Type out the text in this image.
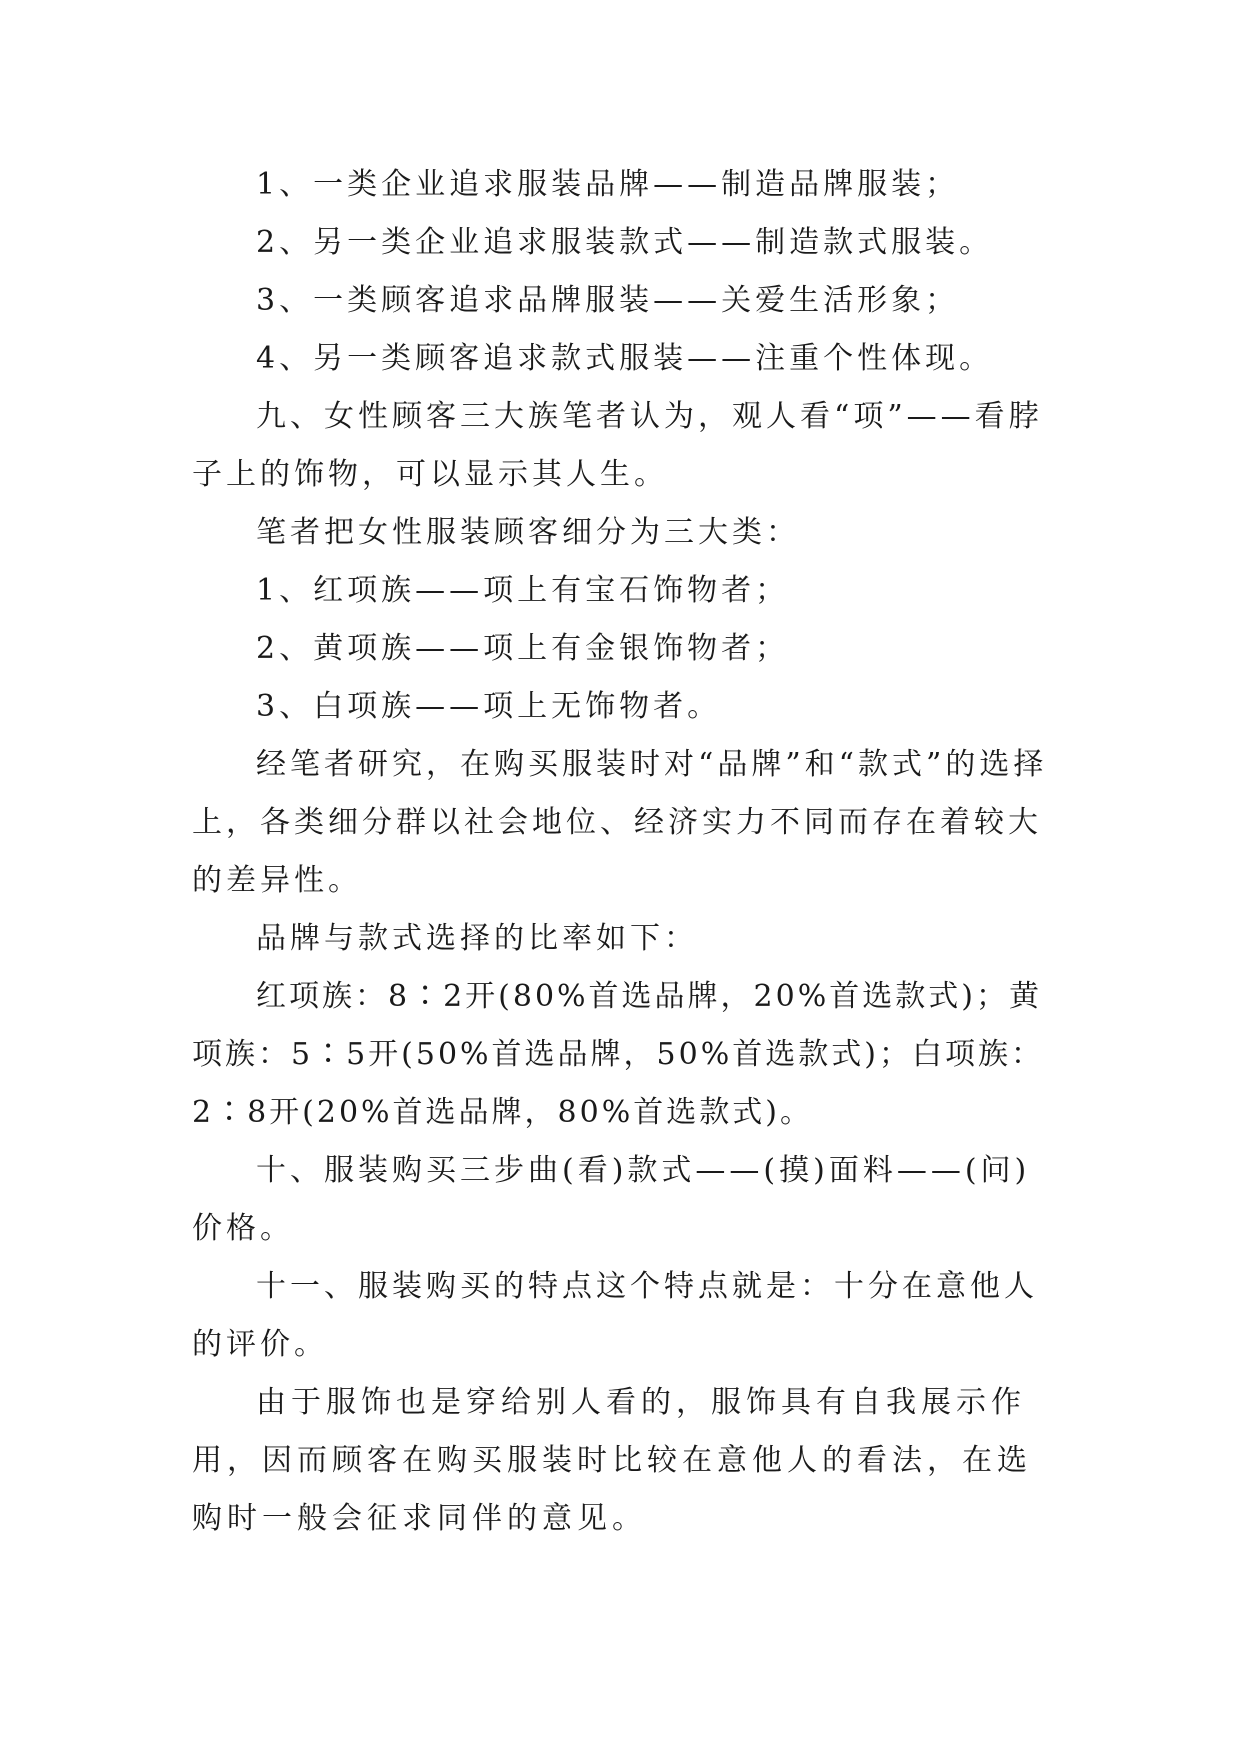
1、一类企业追求服装品牌——制造品牌服装；

2、另一类企业追求服装款式——制造款式服装。

3、一类顾客追求品牌服装——关爱生活形象；

4、另一类顾客追求款式服装——注重个性体现。

九、女性顾客三大族笔者认为，观人看“项”——看脖子上的饰物，可以显示其人生。

笔者把女性服装顾客细分为三大类：

1、红项族——项上有宝石饰物者；

2、黄项族——项上有金银饰物者；

3、白项族——项上无饰物者。

经笔者研究，在购买服装时对“品牌”和“款式”的选择上，各类细分群以社会地位、经济实力不同而存在着较大的差异性。

品牌与款式选择的比率如下：

红项族：8∶2开(80%首选品牌，20%首选款式)；黄项族：5∶5开(50%首选品牌，50%首选款式)；白项族：2∶8开(20%首选品牌，80%首选款式)。

十、服装购买三步曲(看)款式——(摸)面料——(问)价格。

十一、服装购买的特点这个特点就是：十分在意他人的评价。

由于服饰也是穿给别人看的，服饰具有自我展示作用，因而顾客在购买服装时比较在意他人的看法，在选购时一般会征求同伴的意见。
